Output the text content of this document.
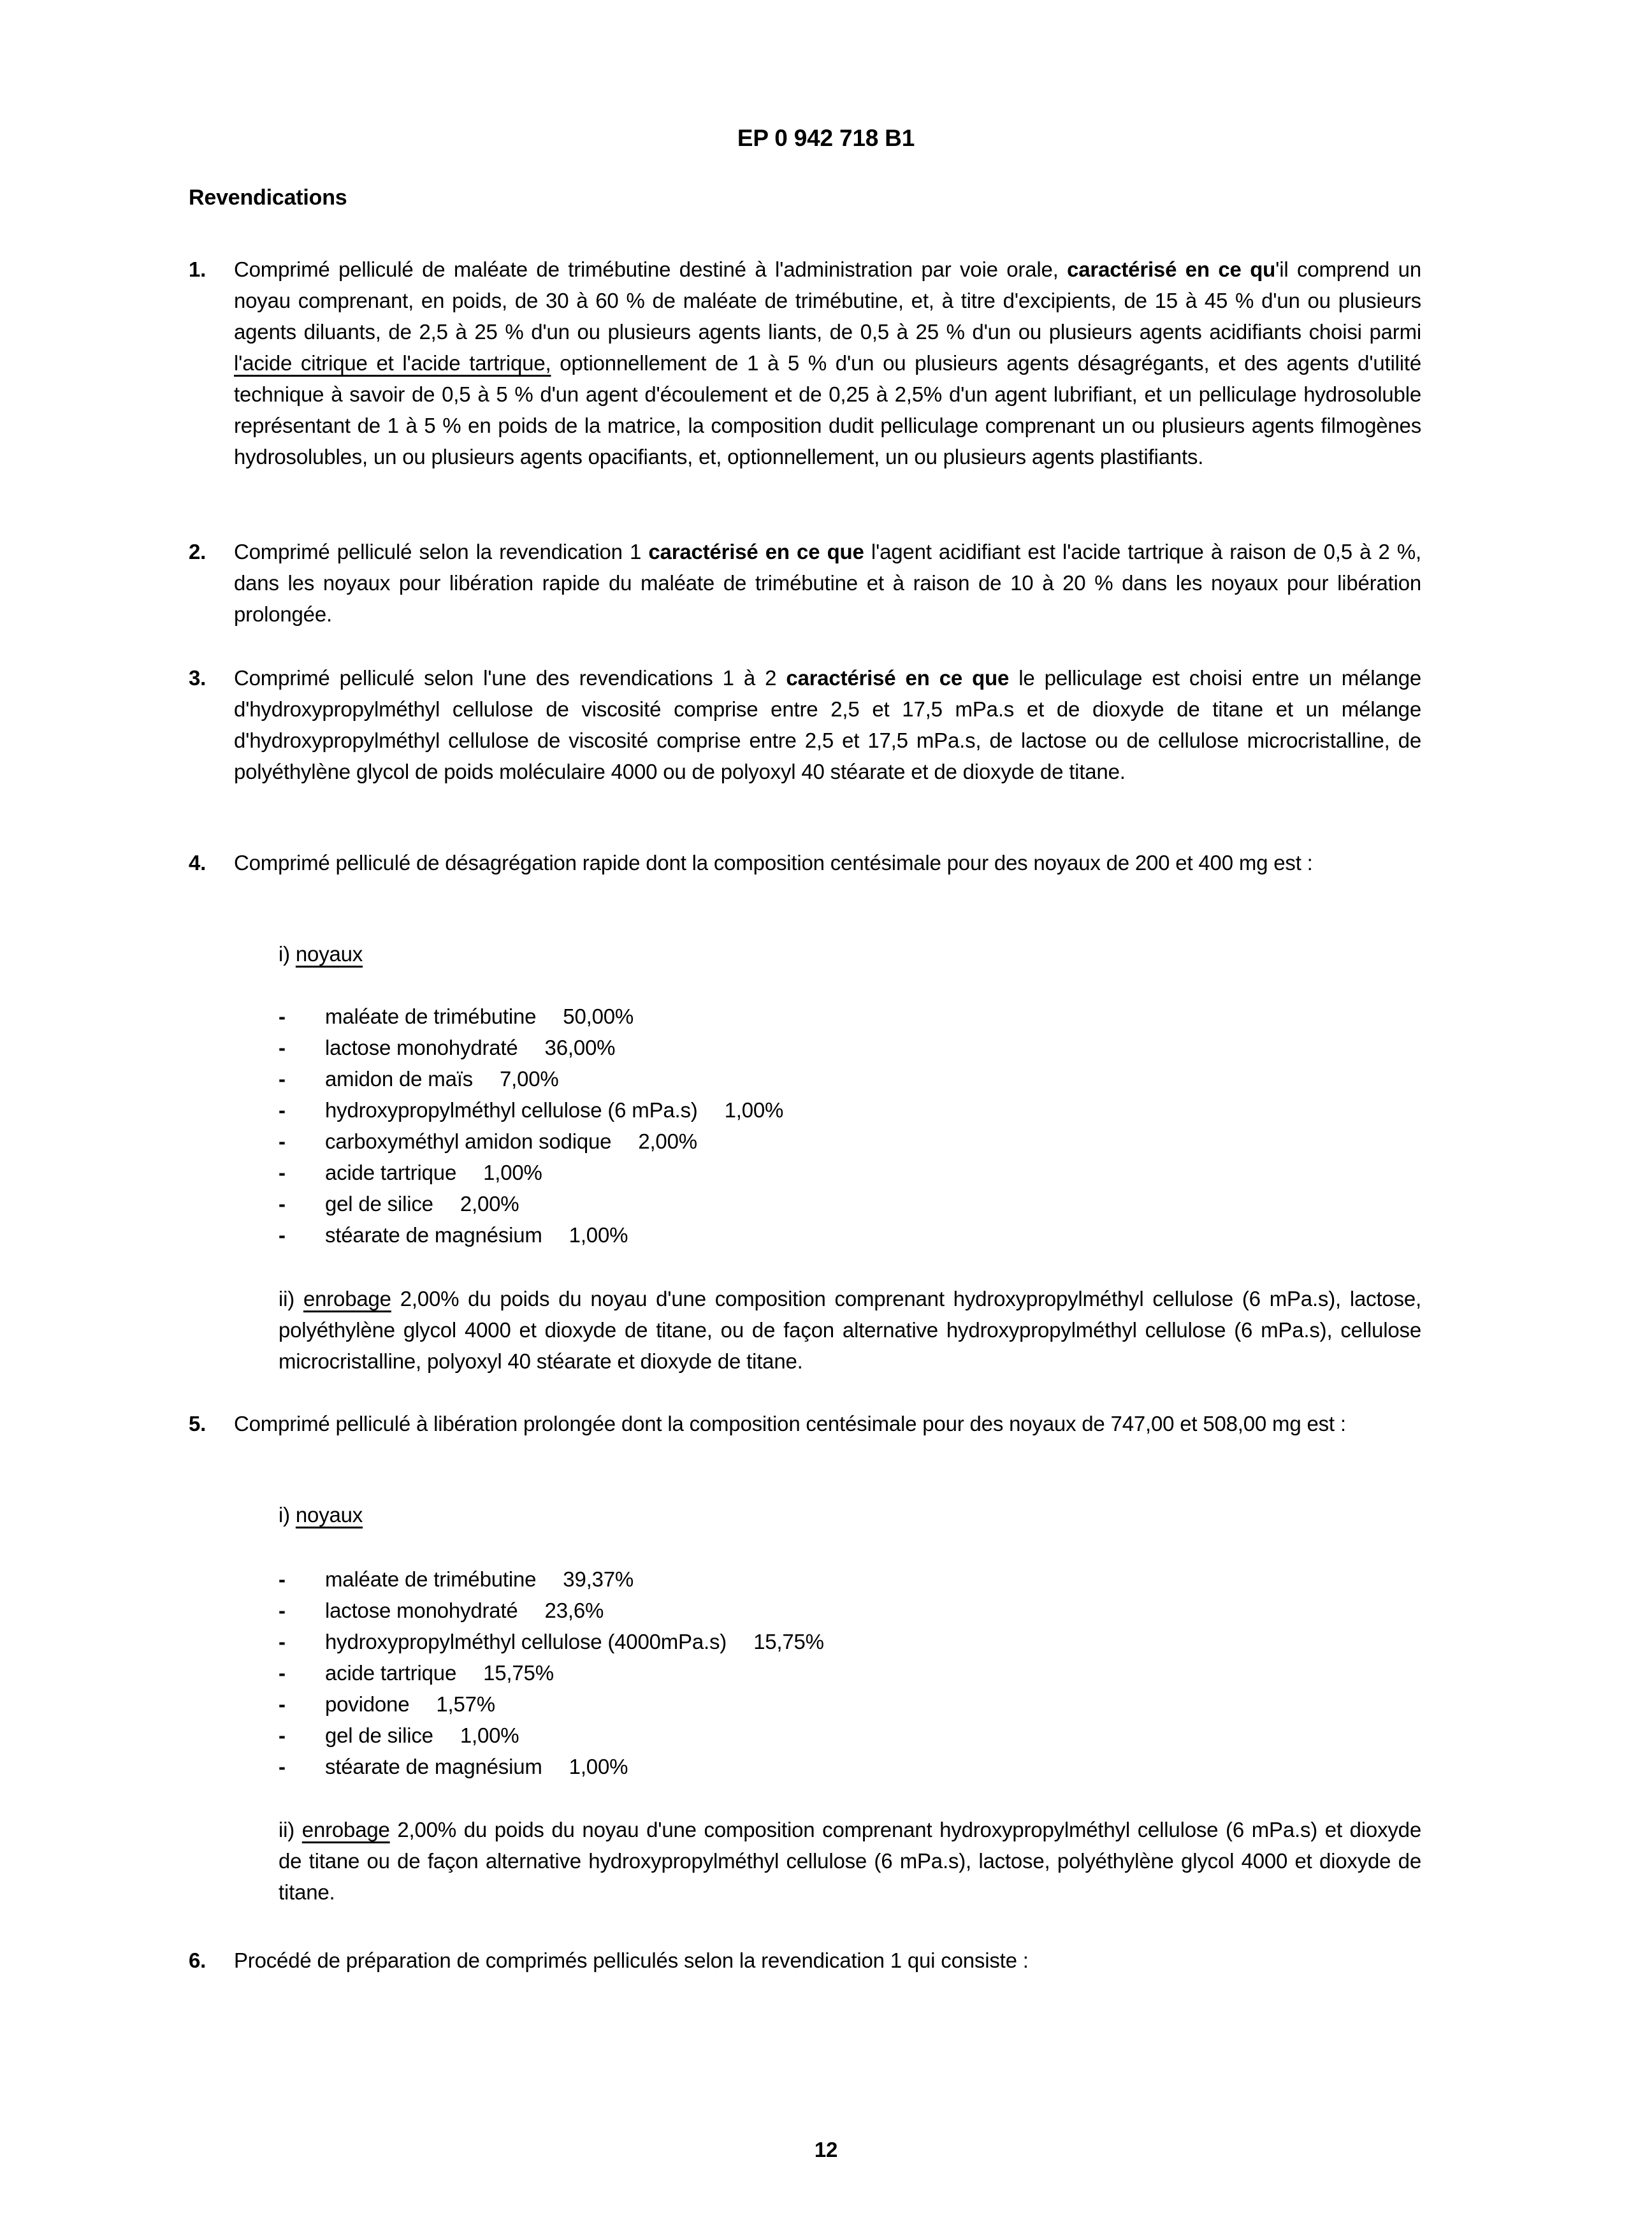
EP 0 942 718 B1
Revendications
1.	Comprimé pelliculé de maléate de trimébutine destiné à l'administration par voie orale, caractérisé en ce qu'il comprend un noyau comprenant, en poids, de 30 à 60 % de maléate de trimébutine, et, à titre d'excipients, de 15 à 45 % d'un ou plusieurs agents diluants, de 2,5 à 25 % d'un ou plusieurs agents liants, de 0,5 à 25 % d'un ou plusieurs agents acidifiants choisi parmi l'acide citrique et l'acide tartrique, optionnellement de 1 à 5 % d'un ou plusieurs agents désagrégants, et des agents d'utilité technique à savoir de 0,5 à 5 % d'un agent d'écoulement et de 0,25 à 2,5% d'un agent lubrifiant, et un pelliculage hydrosoluble représentant de 1 à 5 % en poids de la matrice, la composition dudit pelliculage comprenant un ou plusieurs agents filmogènes hydrosolubles, un ou plusieurs agents opacifiants, et, optionnellement, un ou plusieurs agents plastifiants.
2.	Comprimé pelliculé selon la revendication 1 caractérisé en ce que l'agent acidifiant est l'acide tartrique à raison de 0,5 à 2 %, dans les noyaux pour libération rapide du maléate de trimébutine et à raison de 10 à 20 % dans les noyaux pour libération prolongée.
3.	Comprimé pelliculé selon l'une des revendications 1 à 2 caractérisé en ce que le pelliculage est choisi entre un mélange d'hydroxypropylméthyl cellulose de viscosité comprise entre 2,5 et 17,5 mPa.s et de dioxyde de titane et un mélange d'hydroxypropylméthyl cellulose de viscosité comprise entre 2,5 et 17,5 mPa.s, de lactose ou de cellulose microcristalline, de polyéthylène glycol de poids moléculaire 4000 ou de polyoxyl 40 stéarate et de dioxyde de titane.
4.	Comprimé pelliculé de désagrégation rapide dont la composition centésimale pour des noyaux de 200 et 400 mg est :
i) noyaux
-	maléate de trimébutine 50,00%
-	lactose monohydraté 36,00%
-	amidon de maïs 7,00%
-	hydroxypropylméthyl cellulose (6 mPa.s) 1,00%
-	carboxyméthyl amidon sodique 2,00%
-	acide tartrique 1,00%
-	gel de silice 2,00%
-	stéarate de magnésium 1,00%
ii) enrobage 2,00% du poids du noyau d'une composition comprenant hydroxypropylméthyl cellulose (6 mPa.s), lactose, polyéthylène glycol 4000 et dioxyde de titane, ou de façon alternative hydroxypropylméthyl cellulose (6 mPa.s), cellulose microcristalline, polyoxyl 40 stéarate et dioxyde de titane.
5.	Comprimé pelliculé à libération prolongée dont la composition centésimale pour des noyaux de 747,00 et 508,00 mg est :
i) noyaux
-	maléate de trimébutine 39,37%
-	lactose monohydraté 23,6%
-	hydroxypropylméthyl cellulose (4000mPa.s) 15,75%
-	acide tartrique 15,75%
-	povidone 1,57%
-	gel de silice 1,00%
-	stéarate de magnésium 1,00%
ii) enrobage 2,00% du poids du noyau d'une composition comprenant hydroxypropylméthyl cellulose (6 mPa.s) et dioxyde de titane ou de façon alternative hydroxypropylméthyl cellulose (6 mPa.s), lactose, polyéthylène glycol 4000 et dioxyde de titane.
6.	Procédé de préparation de comprimés pelliculés selon la revendication 1 qui consiste :
12
